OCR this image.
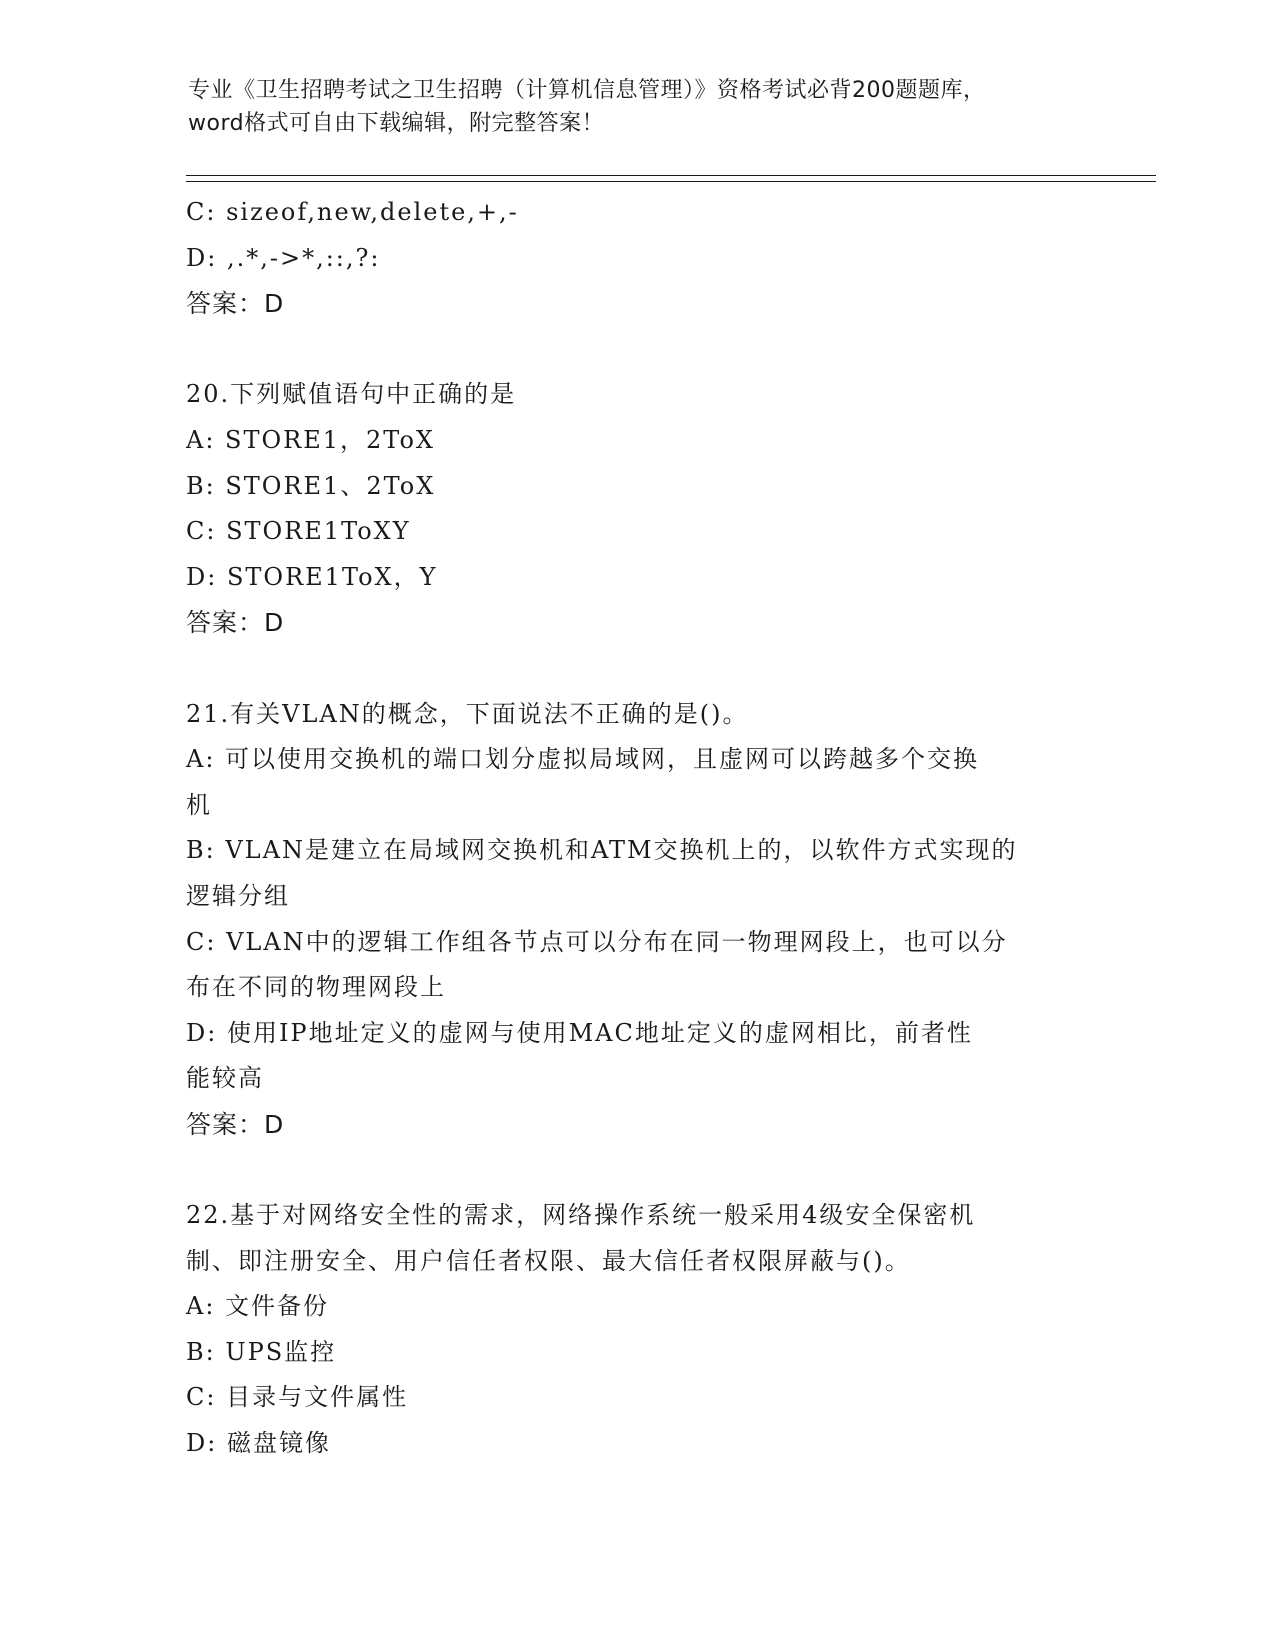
专业《卫生招聘考试之卫生招聘（计算机信息管理）》资格考试必背200题题库，
word格式可自由下载编辑，附完整答案！

C: sizeof,new,delete,+,-

D: ,.*,->*,::,?:

答案：D

20.下列赋值语句中正确的是

A: STORE1，2ToX

B: STORE1、2ToX

C: STORE1ToXY

D: STORE1ToX，Y

答案：D

21.有关VLAN的概念，下面说法不正确的是()。

A: 可以使用交换机的端口划分虚拟局域网，且虚网可以跨越多个交换

机

B: VLAN是建立在局域网交换机和ATM交换机上的，以软件方式实现的

逻辑分组

C: VLAN中的逻辑工作组各节点可以分布在同一物理网段上，也可以分

布在不同的物理网段上

D: 使用IP地址定义的虚网与使用MAC地址定义的虚网相比，前者性

能较高

答案：D

22.基于对网络安全性的需求，网络操作系统一般采用4级安全保密机

制、即注册安全、用户信任者权限、最大信任者权限屏蔽与()。

A: 文件备份

B: UPS监控

C: 目录与文件属性

D: 磁盘镜像
